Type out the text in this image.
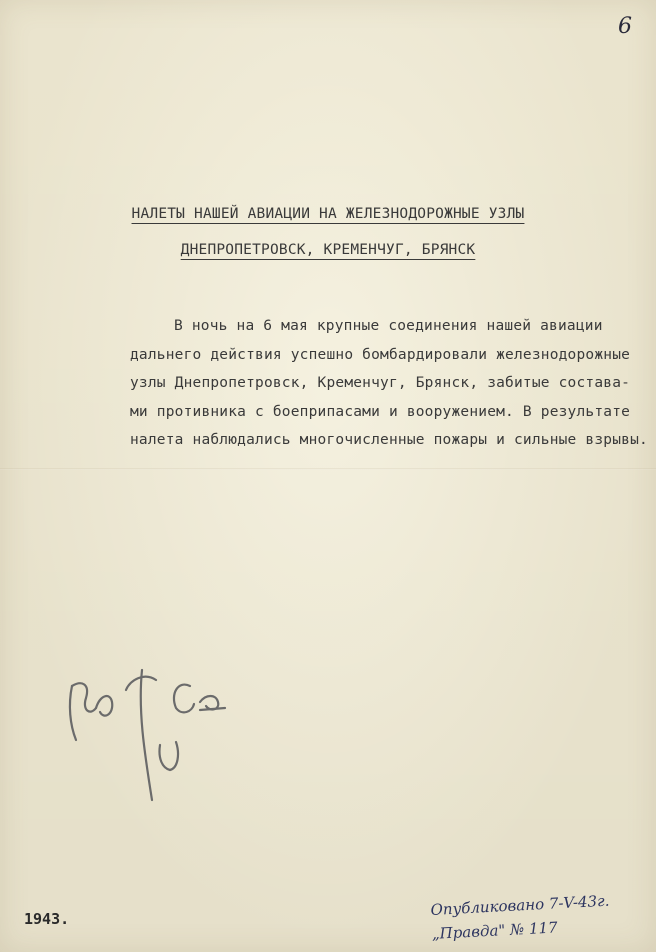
6
НАЛЕТЫ НАШЕЙ АВИАЦИИ НА ЖЕЛЕЗНОДОРОЖНЫЕ УЗЛЫ
ДНЕПРОПЕТРОВСК, КРЕМЕНЧУГ, БРЯНСК
В ночь на 6 мая крупные соединения нашей авиации
дальнего действия успешно бомбардировали железнодорожные
узлы Днепропетровск, Кременчуг, Брянск, забитые составa-
ми противника с боеприпасами и вооружением. В результате
налета наблюдались многочисленные пожары и сильные взрывы.
1943.
Опубликовано 7-V-43г.
„Правда" № 117
